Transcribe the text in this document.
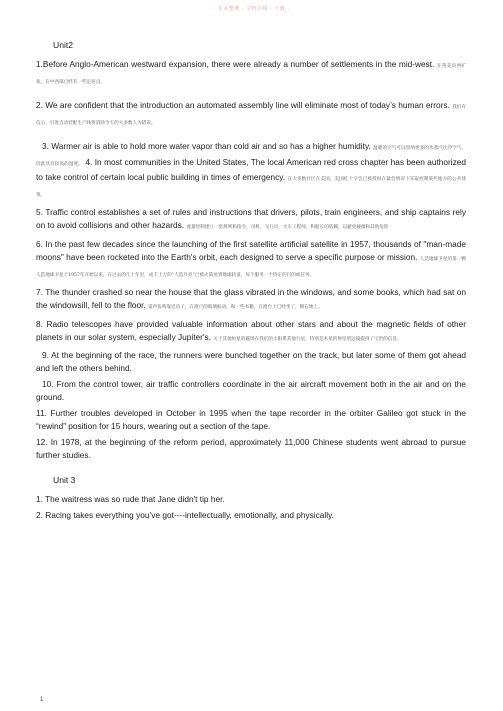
· 专业整理 · 文档在线 · 下载 ·
Unit2

1.Before Anglo-American westward expansion, there were already a number of settlements in the mid-west. 在英美向西扩张，在中西部已经有一些定居点。

2. We are confident that the introduction an automated assembly line will eliminate most of today’s human errors. 我们有信心，引进自动装配生产线将消除今天的大多数人为错误。

3. Warmer air is able to hold more water vapor than cold air and so has a higher humidity. 温暖的空气可以容纳更多的水蒸汽比冷空气，因此具有较高的湿度。 4. In most communities in the United States, The local American red cross chapter has been authorized to take control of certain local public building in times of emergency. 在大多数社区在美国，美国红十字会已被授权在紧急情况下采取控制某些地方的公共建筑。

5. Traffic control establishes a set of rules and instructions that drivers, pilots, train engineers, and ship captains rely on to avoid collisions and other hazards. 流量控制建立一套规则和指令，司机，飞行员，火车工程师，和船长的依赖，以避免碰撞和其他危险

6. In the past few decades since the launching of the first satellite artificial satellite in 1957, thousands of "man-made moons" have been rocketed into the Earth's orbit, each designed to serve a specific purpose or mission. 人造地球卫星的第一颗人造地球卫星于1957年开始以来，在过去的几十年里，成千上万的“人造月亮”已被火箭送到地球轨道，每个服务一个特定的目的或任务。

7. The thunder crashed so near the house that the glass vibrated in the windows, and some books, which had sat on the windowsill, fell to the floor. 雷声轰鸣靠近房子，在窗户的玻璃振动，和一些书籍，在窗台上已经坐了，倒在地上。

8. Radio telescopes have provided valuable information about other stars and about the magnetic fields of other planets in our solar system, especially Jupiter's. 关于其他恒星的磁场在我们的太阳系其他行星，特别是木星的射电望远镜提供了宝贵的信息。

9. At the beginning of the race, the runners were bunched together on the track, but later some of them got ahead and left the others behind.

10. From the control tower, air traffic controllers coordinate in the air aircraft movement both in the air and on the ground.

11. Further troubles developed in October in 1995 when the tape recorder in the orbiter Galileo got stuck in the “rewind” position for 15 hours, wearing out a section of the tape.

12. In 1978, at the beginning of the reform period, approximately 11,000 Chinese students went abroad to pursue further studies.

Unit 3

1. The waitress was so rude that Jane didn't tip her.

2. Racing takes everything you’ve got----intellectually, emotionally, and physically.

1
